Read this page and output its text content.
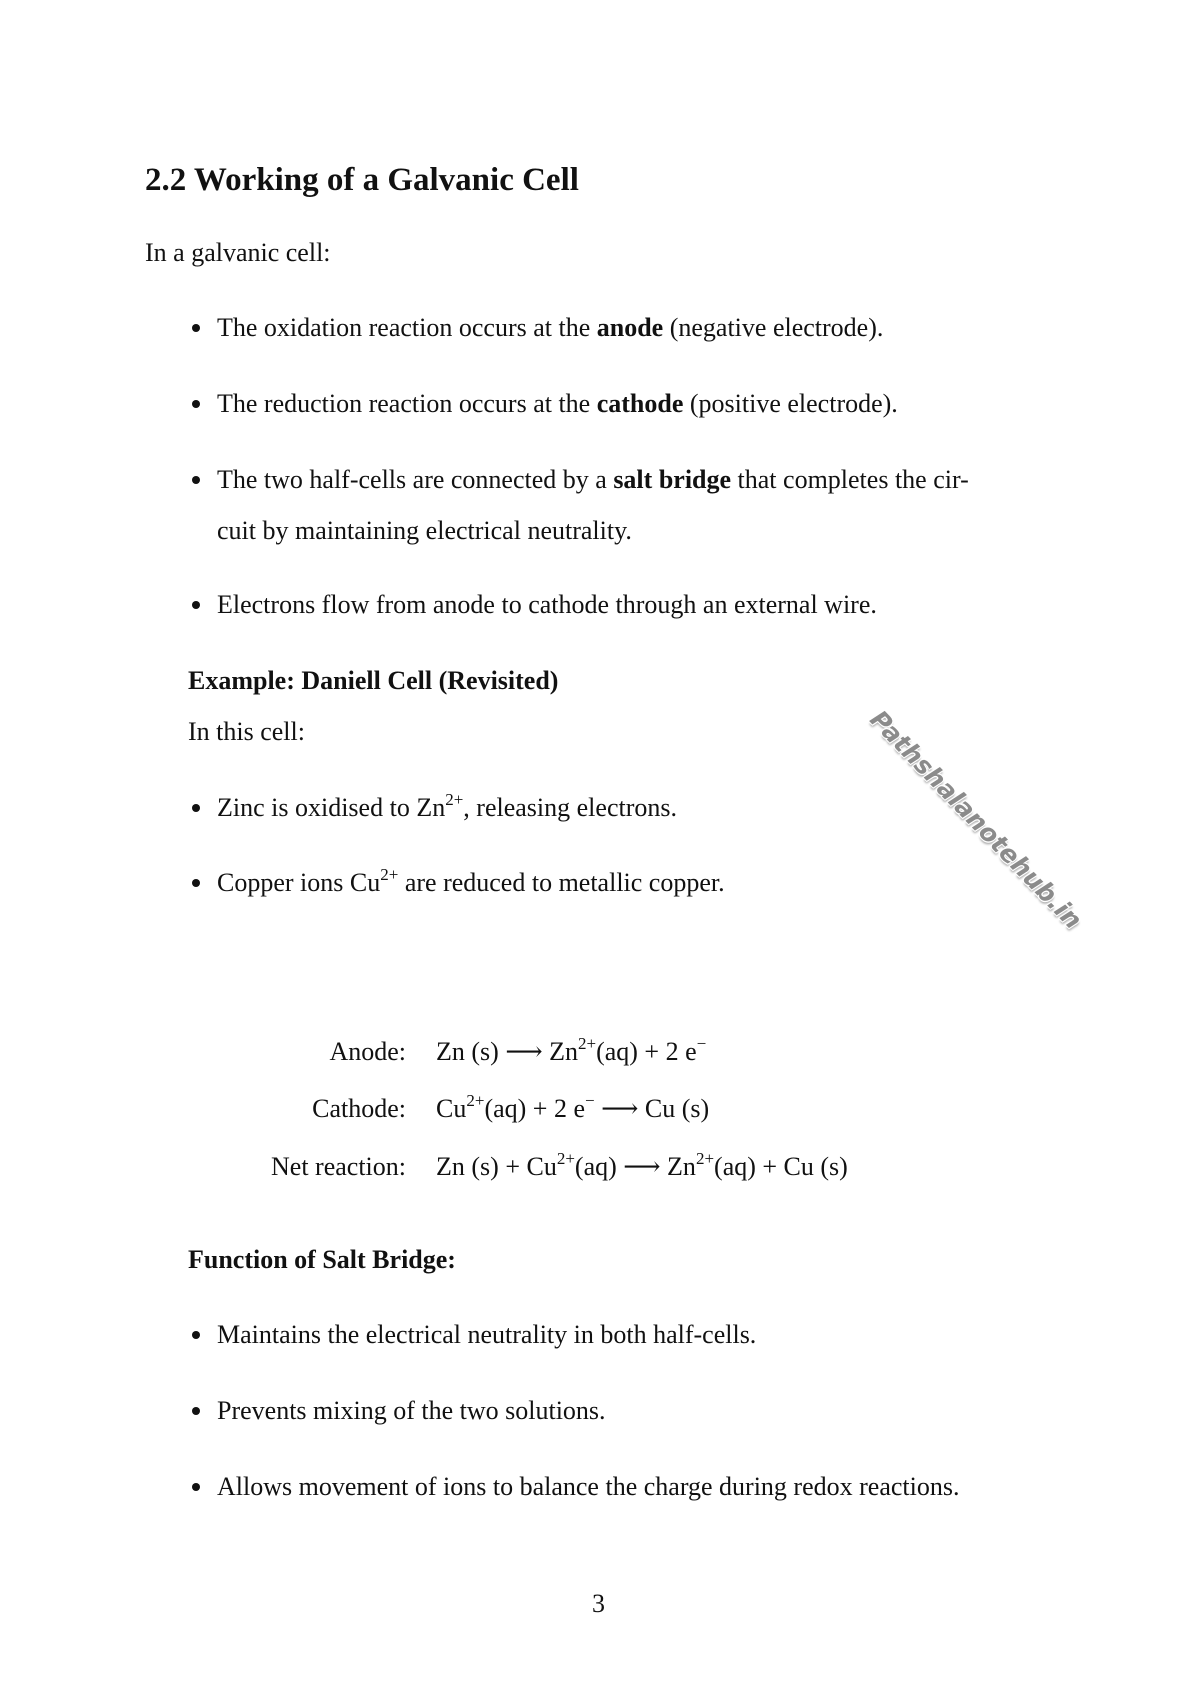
2.2 Working of a Galvanic Cell
In a galvanic cell:
The oxidation reaction occurs at the anode (negative electrode).
The reduction reaction occurs at the cathode (positive electrode).
The two half-cells are connected by a salt bridge that completes the cir-
cuit by maintaining electrical neutrality.
Electrons flow from anode to cathode through an external wire.
Example: Daniell Cell (Revisited)
In this cell:
Zinc is oxidised to $Zn^{2+}$, releasing electrons.
Copper ions $Cu^{2+}$ are reduced to metallic copper.
Anode: Zn (s) ⟶ $Zn^{2+}(aq) + 2$ e−
Cathode: $Cu^{2+}(aq) + 2$ e− ⟶ Cu (s)
Net reaction: Zn $(s) + Cu^{2+}(aq)$ ⟶ $Zn^{2+}(aq) + Cu$ (s)
Function of Salt Bridge:
Maintains the electrical neutrality in both half-cells.
Prevents mixing of the two solutions.
Allows movement of ions to balance the charge during redox reactions.
Pathshalanotehub.in
3
